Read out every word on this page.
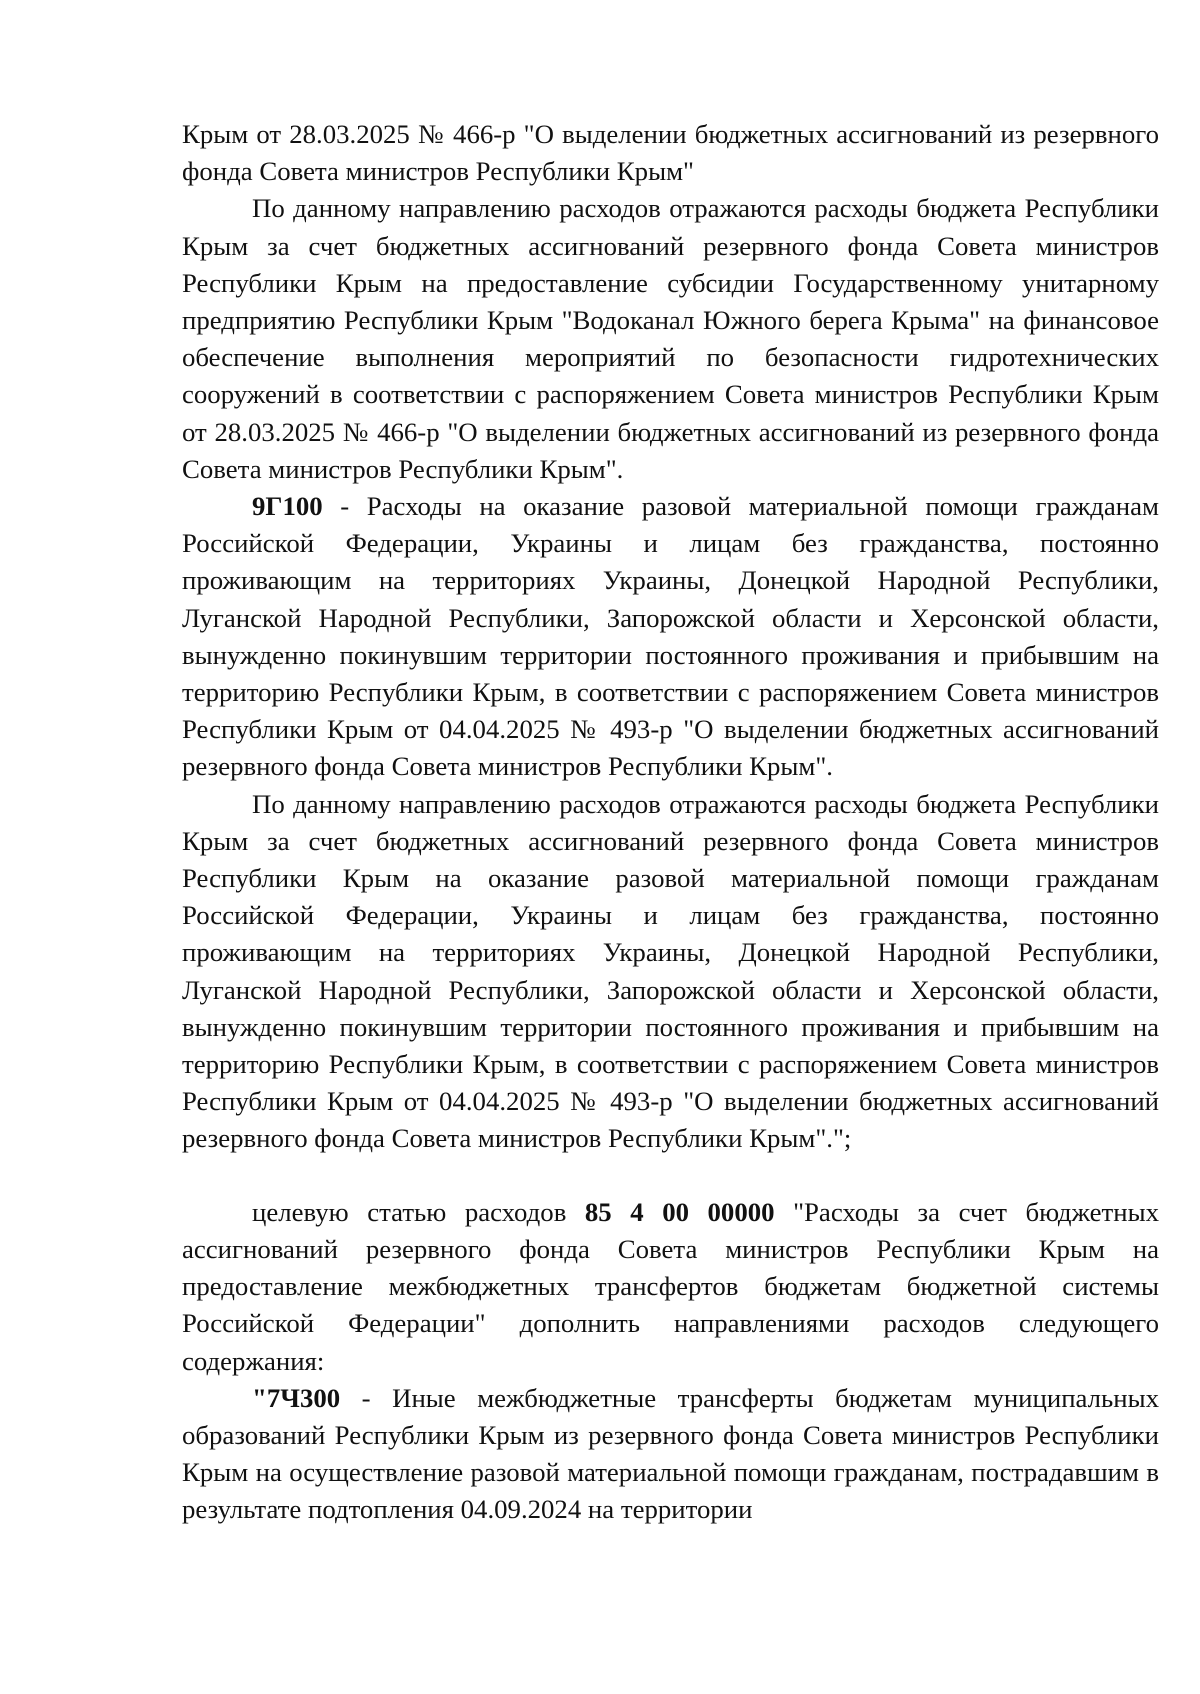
Крым от 28.03.2025 № 466-р "О выделении бюджетных ассигнований из резервного фонда Совета министров Республики Крым"

По данному направлению расходов отражаются расходы бюджета Республики Крым за счет бюджетных ассигнований резервного фонда Совета министров Республики Крым на предоставление субсидии Государственному унитарному предприятию Республики Крым "Водоканал Южного берега Крыма" на финансовое обеспечение выполнения мероприятий по безопасности гидротехнических сооружений в соответствии с распоряжением Совета министров Республики Крым от 28.03.2025 № 466-р "О выделении бюджетных ассигнований из резервного фонда Совета министров Республики Крым".

9Г100 - Расходы на оказание разовой материальной помощи гражданам Российской Федерации, Украины и лицам без гражданства, постоянно проживающим на территориях Украины, Донецкой Народной Республики, Луганской Народной Республики, Запорожской области и Херсонской области, вынужденно покинувшим территории постоянного проживания и прибывшим на территорию Республики Крым, в соответствии с распоряжением Совета министров Республики Крым от 04.04.2025 № 493-р "О выделении бюджетных ассигнований резервного фонда Совета министров Республики Крым".

По данному направлению расходов отражаются расходы бюджета Республики Крым за счет бюджетных ассигнований резервного фонда Совета министров Республики Крым на оказание разовой материальной помощи гражданам Российской Федерации, Украины и лицам без гражданства, постоянно проживающим на территориях Украины, Донецкой Народной Республики, Луганской Народной Республики, Запорожской области и Херсонской области, вынужденно покинувшим территории постоянного проживания и прибывшим на территорию Республики Крым, в соответствии с распоряжением Совета министров Республики Крым от 04.04.2025 № 493-р "О выделении бюджетных ассигнований резервного фонда Совета министров Республики Крым".";

целевую статью расходов 85 4 00 00000 "Расходы за счет бюджетных ассигнований резервного фонда Совета министров Республики Крым на предоставление межбюджетных трансфертов бюджетам бюджетной системы Российской Федерации" дополнить направлениями расходов следующего содержания:

"7Ч300 - Иные межбюджетные трансферты бюджетам муниципальных образований Республики Крым из резервного фонда Совета министров Республики Крым на осуществление разовой материальной помощи гражданам, пострадавшим в результате подтопления 04.09.2024 на территории
